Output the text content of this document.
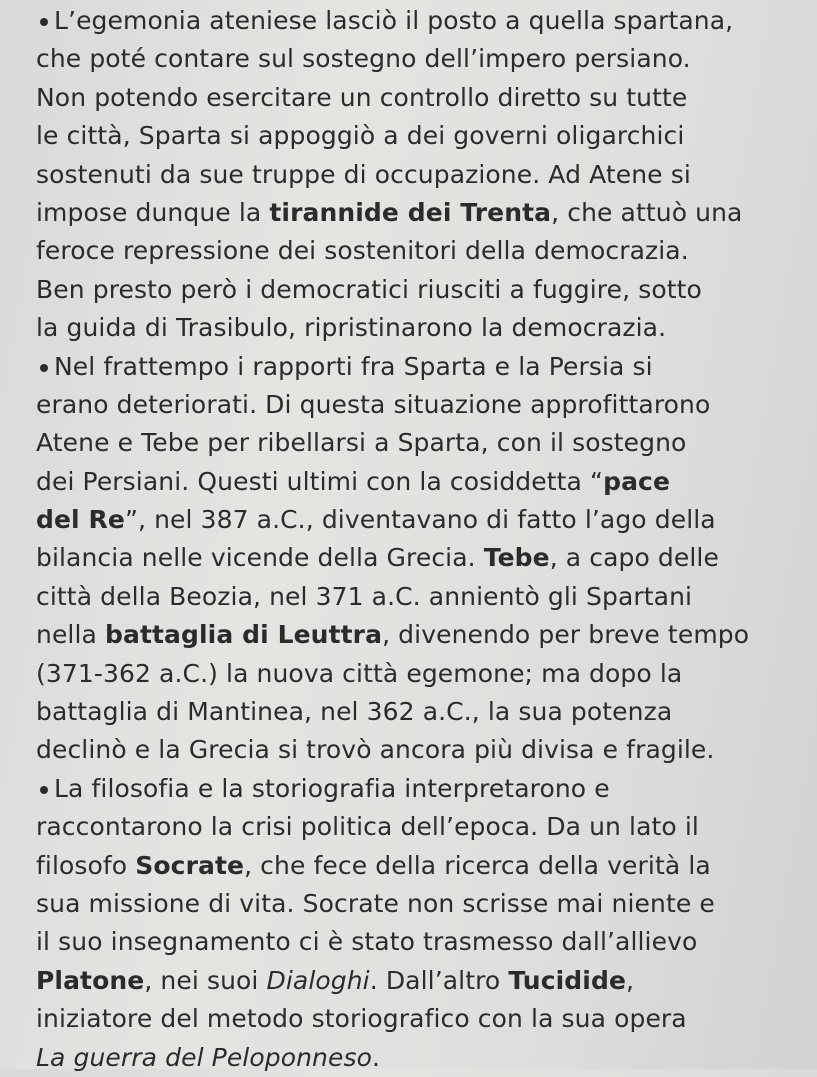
L’egemonia ateniese lasciò il posto a quella spartana,
che poté contare sul sostegno dell’impero persiano.
Non potendo esercitare un controllo diretto su tutte
le città, Sparta si appoggiò a dei governi oligarchici
sostenuti da sue truppe di occupazione. Ad Atene si
impose dunque la tirannide dei Trenta, che attuò una
feroce repressione dei sostenitori della democrazia.
Ben presto però i democratici riusciti a fuggire, sotto
la guida di Trasibulo, ripristinarono la democrazia.
Nel frattempo i rapporti fra Sparta e la Persia si
erano deteriorati. Di questa situazione approfittarono
Atene e Tebe per ribellarsi a Sparta, con il sostegno
dei Persiani. Questi ultimi con la cosiddetta “pace
del Re”, nel 387 a.C., diventavano di fatto l’ago della
bilancia nelle vicende della Grecia. Tebe, a capo delle
città della Beozia, nel 371 a.C. annientò gli Spartani
nella battaglia di Leuttra, divenendo per breve tempo
(371-362 a.C.) la nuova città egemone; ma dopo la
battaglia di Mantinea, nel 362 a.C., la sua potenza
declinò e la Grecia si trovò ancora più divisa e fragile.
La filosofia e la storiografia interpretarono e
raccontarono la crisi politica dell’epoca. Da un lato il
filosofo Socrate, che fece della ricerca della verità la
sua missione di vita. Socrate non scrisse mai niente e
il suo insegnamento ci è stato trasmesso dall’allievo
Platone, nei suoi Dialoghi. Dall’altro Tucidide,
iniziatore del metodo storiografico con la sua opera
La guerra del Peloponneso.
